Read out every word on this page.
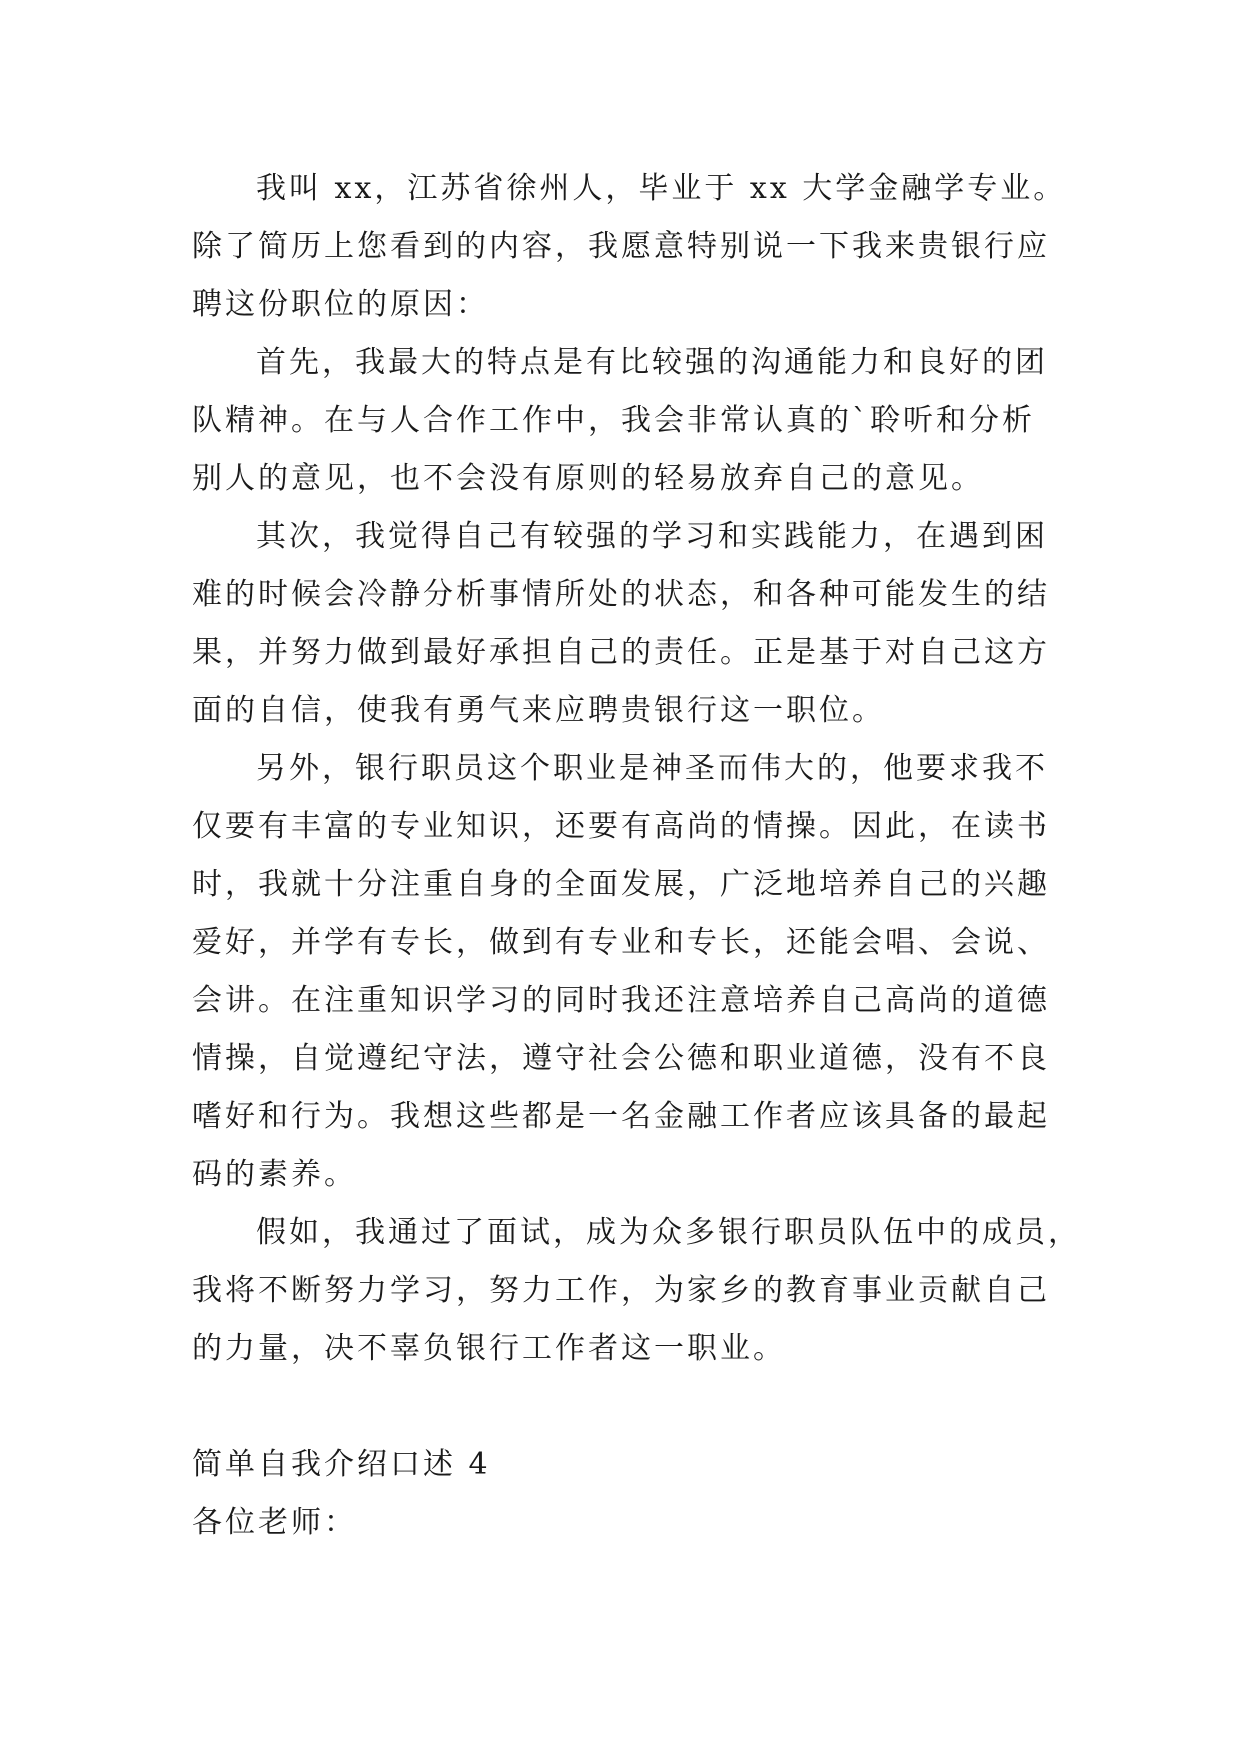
我叫 xx，江苏省徐州人，毕业于 xx 大学金融学专业。
除了简历上您看到的内容，我愿意特别说一下我来贵银行应
聘这份职位的原因：
首先，我最大的特点是有比较强的沟通能力和良好的团
队精神。在与人合作工作中，我会非常认真的`聆听和分析
别人的意见，也不会没有原则的轻易放弃自己的意见。
其次，我觉得自己有较强的学习和实践能力，在遇到困
难的时候会冷静分析事情所处的状态，和各种可能发生的结
果，并努力做到最好承担自己的责任。正是基于对自己这方
面的自信，使我有勇气来应聘贵银行这一职位。
另外，银行职员这个职业是神圣而伟大的，他要求我不
仅要有丰富的专业知识，还要有高尚的情操。因此，在读书
时，我就十分注重自身的全面发展，广泛地培养自己的兴趣
爱好，并学有专长，做到有专业和专长，还能会唱、会说、
会讲。在注重知识学习的同时我还注意培养自己高尚的道德
情操，自觉遵纪守法，遵守社会公德和职业道德，没有不良
嗜好和行为。我想这些都是一名金融工作者应该具备的最起
码的素养。
假如，我通过了面试，成为众多银行职员队伍中的成员，
我将不断努力学习，努力工作，为家乡的教育事业贡献自己
的力量，决不辜负银行工作者这一职业。
简单自我介绍口述 4
各位老师：
